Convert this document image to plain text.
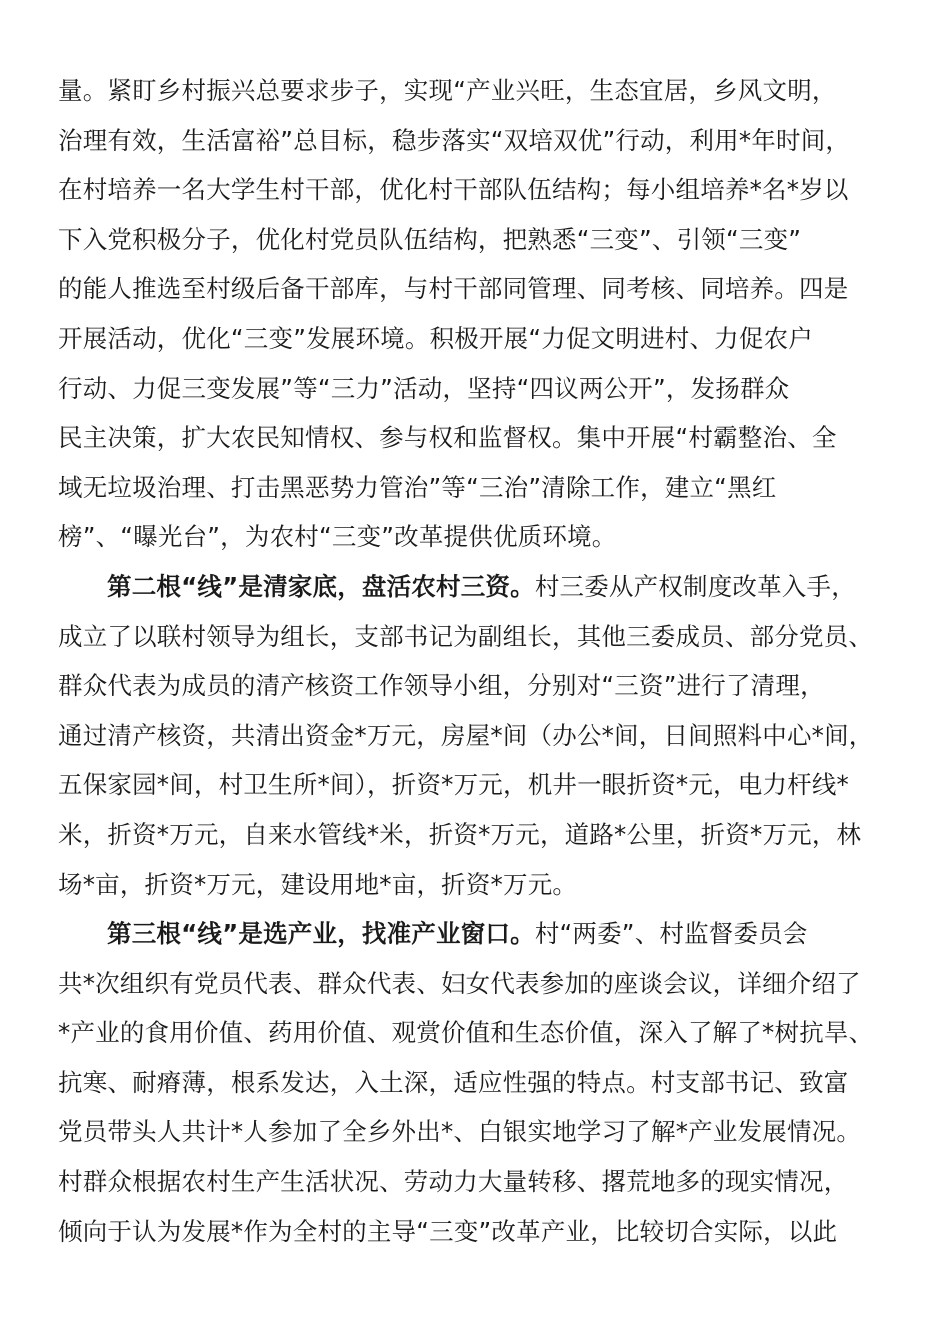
量。紧盯乡村振兴总要求步子，实现“产业兴旺，生态宜居，乡风文明，
治理有效，生活富裕”总目标，稳步落实“双培双优”行动，利用*年时间，
在村培养一名大学生村干部，优化村干部队伍结构；每小组培养*名*岁以
下入党积极分子，优化村党员队伍结构，把熟悉“三变”、引领“三变”
的能人推选至村级后备干部库，与村干部同管理、同考核、同培养。四是
开展活动，优化“三变”发展环境。积极开展“力促文明进村、力促农户
行动、力促三变发展”等“三力”活动，坚持“四议两公开”，发扬群众
民主决策，扩大农民知情权、参与权和监督权。集中开展“村霸整治、全
域无垃圾治理、打击黑恶势力管治”等“三治”清除工作，建立“黑红
榜”、“曝光台”，为农村“三变”改革提供优质环境。
第二根“线”是清家底，盘活农村三资。村三委从产权制度改革入手，
成立了以联村领导为组长，支部书记为副组长，其他三委成员、部分党员、
群众代表为成员的清产核资工作领导小组，分别对“三资”进行了清理，
通过清产核资，共清出资金*万元，房屋*间（办公*间，日间照料中心*间，
五保家园*间，村卫生所*间），折资*万元，机井一眼折资*元，电力杆线*
米，折资*万元，自来水管线*米，折资*万元，道路*公里，折资*万元，林
场*亩，折资*万元，建设用地*亩，折资*万元。
第三根“线”是选产业，找准产业窗口。村“两委”、村监督委员会
共*次组织有党员代表、群众代表、妇女代表参加的座谈会议，详细介绍了
*产业的食用价值、药用价值、观赏价值和生态价值，深入了解了*树抗旱、
抗寒、耐瘠薄，根系发达，入土深，适应性强的特点。村支部书记、致富
党员带头人共计*人参加了全乡外出*、白银实地学习了解*产业发展情况。
村群众根据农村生产生活状况、劳动力大量转移、撂荒地多的现实情况，
倾向于认为发展*作为全村的主导“三变”改革产业，比较切合实际，以此
